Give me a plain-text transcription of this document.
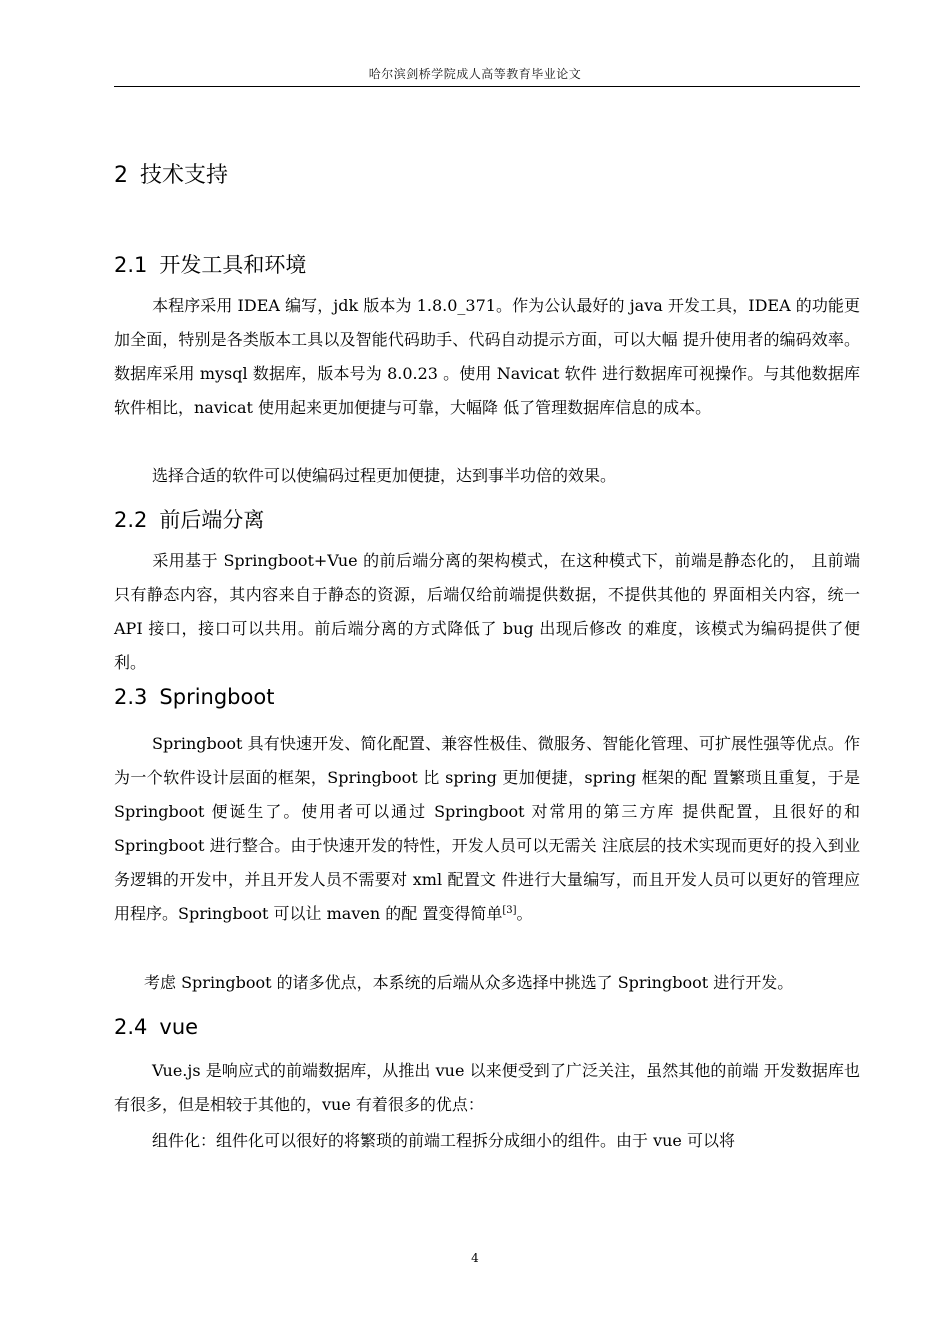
哈尔滨剑桥学院成人高等教育毕业论文
2 技术支持
2.1 开发工具和环境
本程序采用 IDEA 编写，jdk 版本为 1.8.0_371。作为公认最好的 java 开发工具，IDEA 的功能更加全面，特别是各类版本工具以及智能代码助手、代码自动提示方面，可以大幅 提升使用者的编码效率。数据库采用 mysql 数据库，版本号为 8.0.23 。使用 Navicat 软件 进行数据库可视操作。与其他数据库软件相比，navicat 使用起来更加便捷与可靠，大幅降 低了管理数据库信息的成本。
选择合适的软件可以使编码过程更加便捷，达到事半功倍的效果。
2.2 前后端分离
采用基于 Springboot+Vue 的前后端分离的架构模式，在这种模式下，前端是静态化的， 且前端只有静态内容，其内容来自于静态的资源，后端仅给前端提供数据，不提供其他的 界面相关内容，统一 API 接口，接口可以共用。前后端分离的方式降低了 bug 出现后修改 的难度，该模式为编码提供了便利。
2.3 Springboot
Springboot 具有快速开发、简化配置、兼容性极佳、微服务、智能化管理、可扩展性强等优点。作为一个软件设计层面的框架，Springboot 比 spring 更加便捷，spring 框架的配 置繁琐且重复，于是 Springboot 便诞生了。使用者可以通过 Springboot 对常用的第三方库 提供配置，且很好的和 Springboot 进行整合。由于快速开发的特性，开发人员可以无需关 注底层的技术实现而更好的投入到业务逻辑的开发中，并且开发人员不需要对 xml 配置文 件进行大量编写，而且开发人员可以更好的管理应用程序。Springboot 可以让 maven 的配 置变得简单[3]。
考虑 Springboot 的诸多优点，本系统的后端从众多选择中挑选了 Springboot 进行开发。
2.4 vue
Vue.js 是响应式的前端数据库，从推出 vue 以来便受到了广泛关注，虽然其他的前端 开发数据库也有很多，但是相较于其他的，vue 有着很多的优点：
组件化：组件化可以很好的将繁琐的前端工程拆分成细小的组件。由于 vue 可以将
4
